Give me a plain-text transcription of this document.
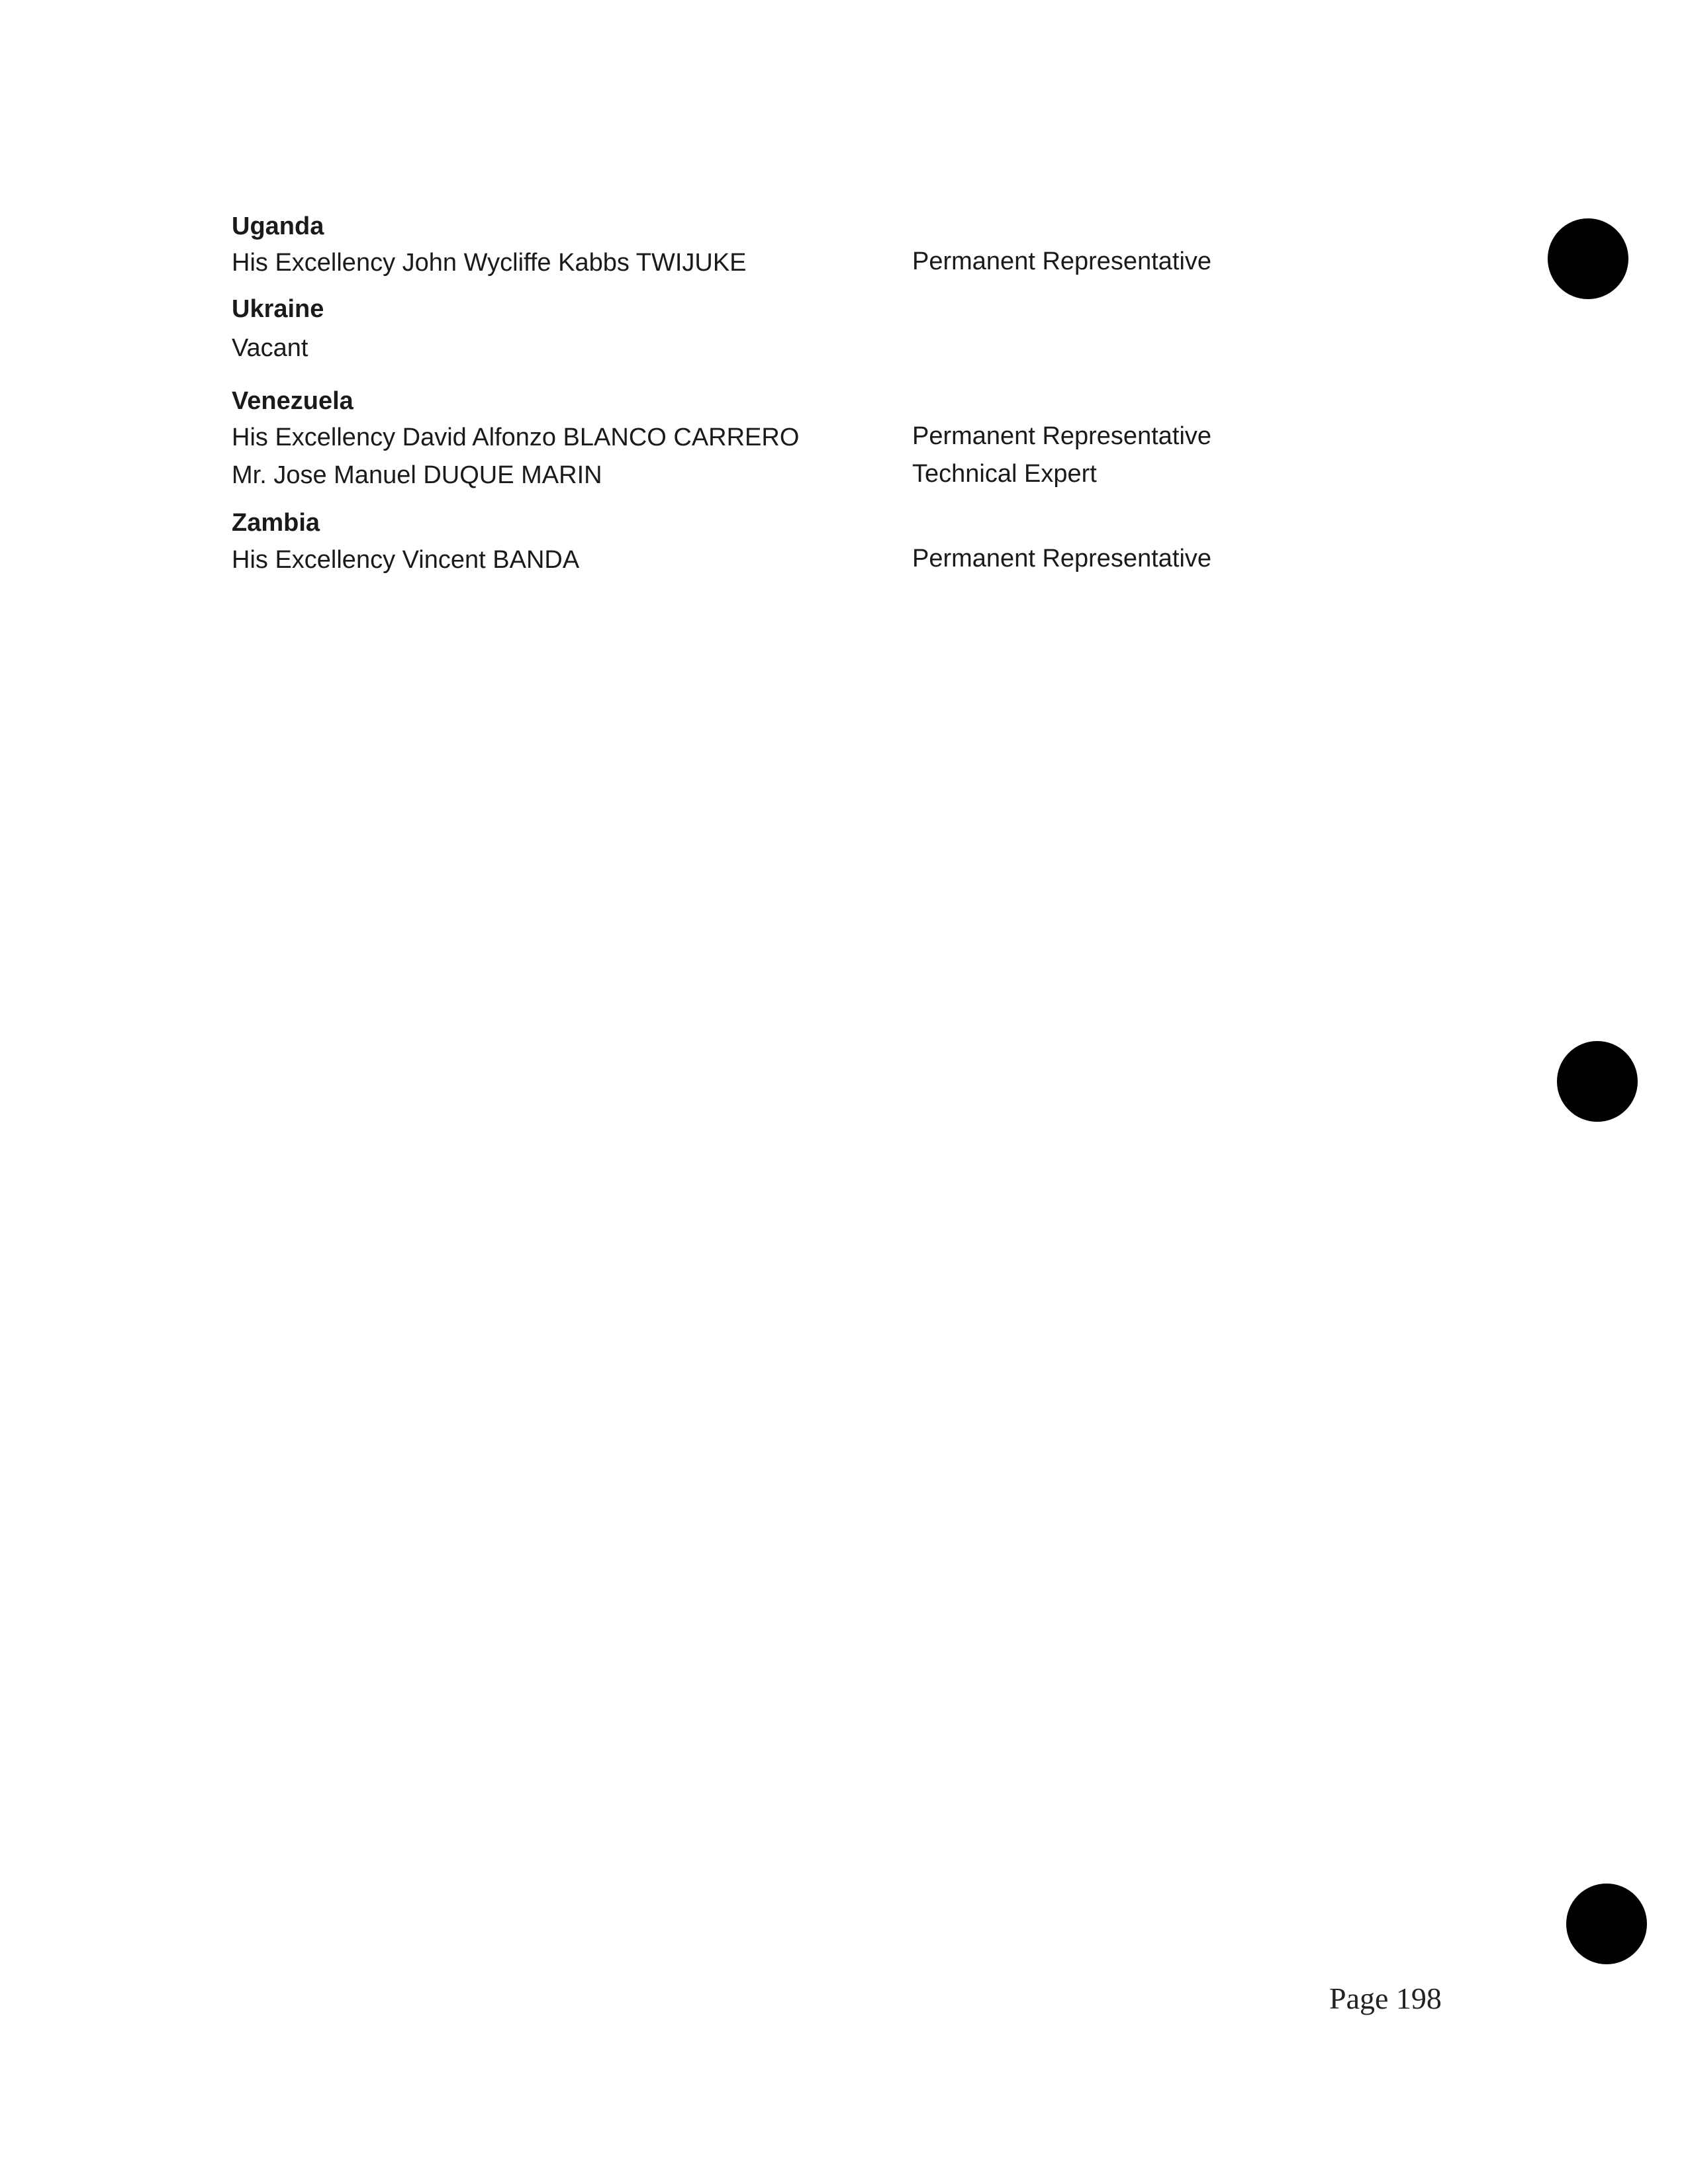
Uganda
His Excellency John Wycliffe Kabbs TWIJUKE	Permanent Representative
Ukraine
Vacant
Venezuela
His Excellency David Alfonzo BLANCO CARRERO	Permanent Representative
Mr. Jose Manuel DUQUE MARIN	Technical Expert
Zambia
His Excellency Vincent BANDA	Permanent Representative
Page 198
